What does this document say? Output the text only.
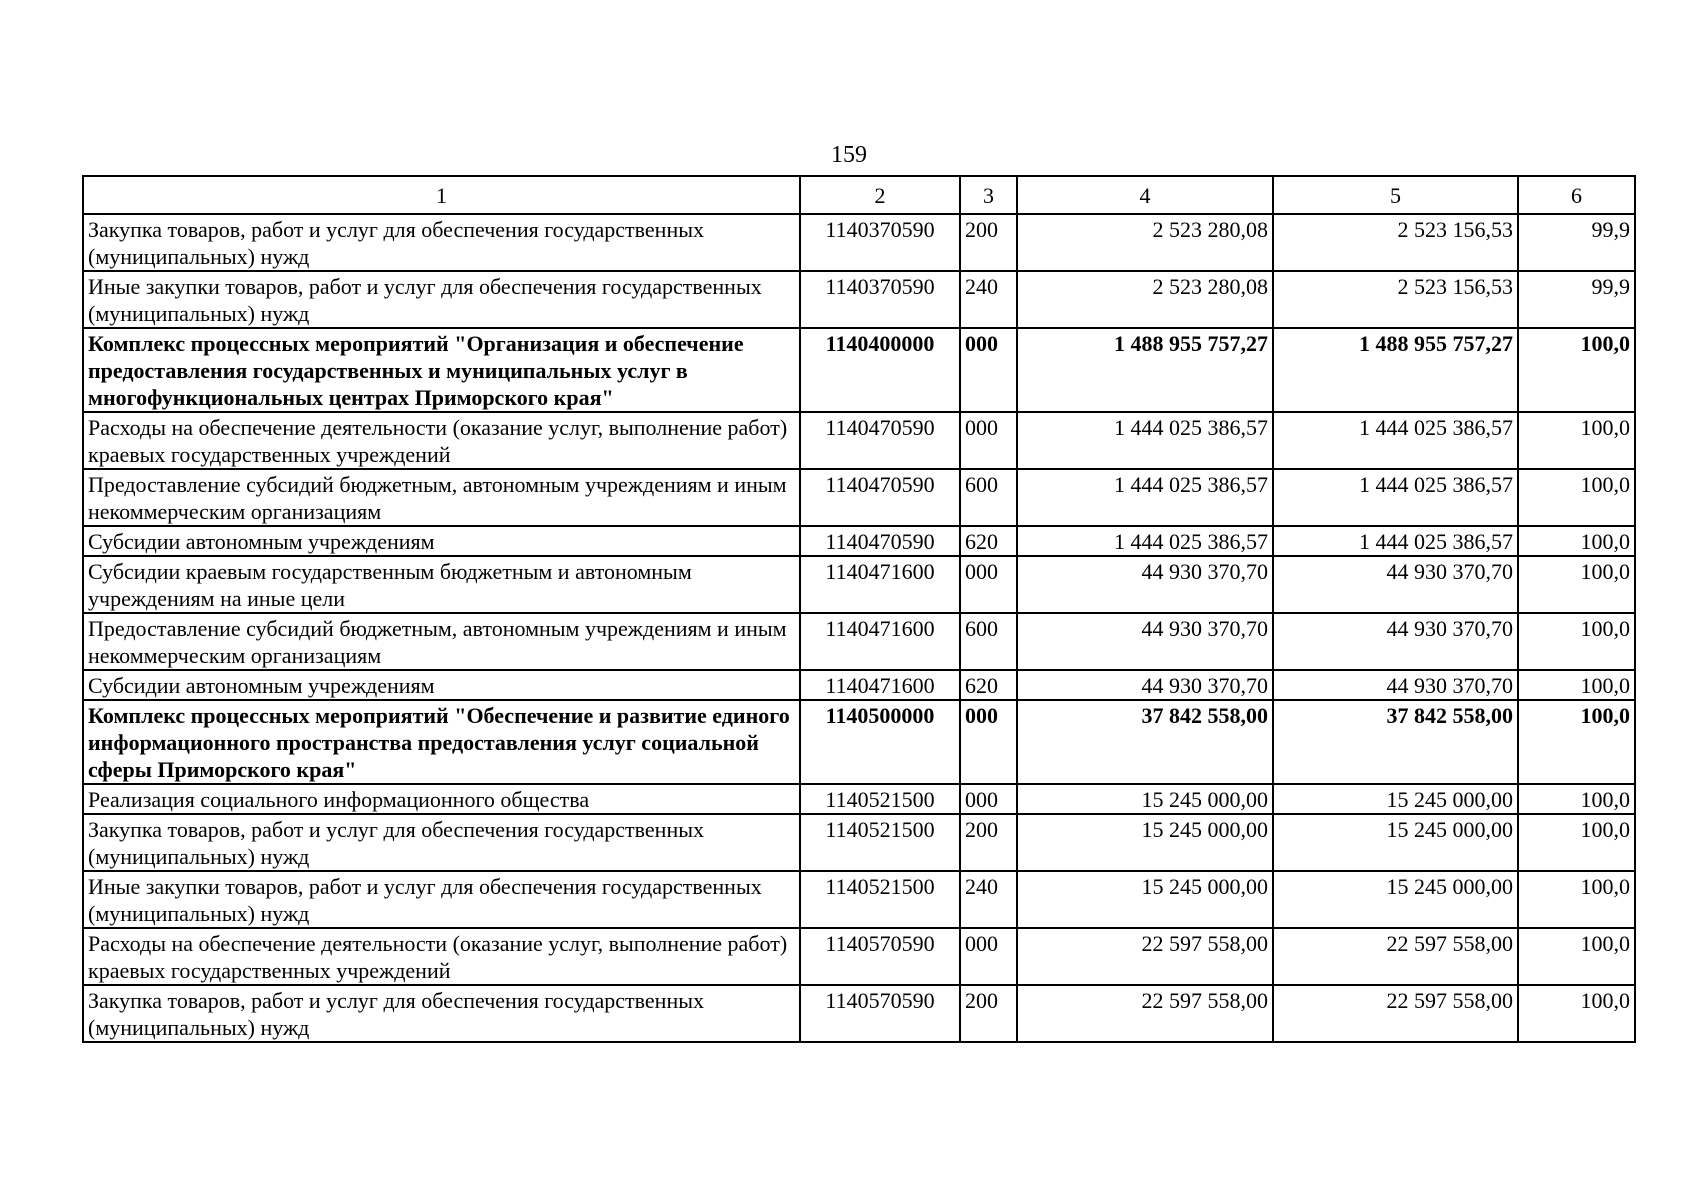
159
1	2	3	4	5	6
Закупка товаров, работ и услуг для обеспечения государственных (муниципальных) нужд	1140370590	200	2 523 280,08	2 523 156,53	99,9
Иные закупки товаров, работ и услуг для обеспечения государственных (муниципальных) нужд	1140370590	240	2 523 280,08	2 523 156,53	99,9
Комплекс процессных мероприятий "Организация и обеспечение предоставления государственных и муниципальных услуг в многофункциональных центрах Приморского края"	1140400000	000	1 488 955 757,27	1 488 955 757,27	100,0
Расходы на обеспечение деятельности (оказание услуг, выполнение работ) краевых государственных учреждений	1140470590	000	1 444 025 386,57	1 444 025 386,57	100,0
Предоставление субсидий бюджетным, автономным учреждениям и иным некоммерческим организациям	1140470590	600	1 444 025 386,57	1 444 025 386,57	100,0
Субсидии автономным учреждениям	1140470590	620	1 444 025 386,57	1 444 025 386,57	100,0
Субсидии краевым государственным бюджетным и автономным учреждениям на иные цели	1140471600	000	44 930 370,70	44 930 370,70	100,0
Предоставление субсидий бюджетным, автономным учреждениям и иным некоммерческим организациям	1140471600	600	44 930 370,70	44 930 370,70	100,0
Субсидии автономным учреждениям	1140471600	620	44 930 370,70	44 930 370,70	100,0
Комплекс процессных мероприятий "Обеспечение и развитие единого информационного пространства предоставления услуг социальной сферы Приморского края"	1140500000	000	37 842 558,00	37 842 558,00	100,0
Реализация социального информационного общества	1140521500	000	15 245 000,00	15 245 000,00	100,0
Закупка товаров, работ и услуг для обеспечения государственных (муниципальных) нужд	1140521500	200	15 245 000,00	15 245 000,00	100,0
Иные закупки товаров, работ и услуг для обеспечения государственных (муниципальных) нужд	1140521500	240	15 245 000,00	15 245 000,00	100,0
Расходы на обеспечение деятельности (оказание услуг, выполнение работ) краевых государственных учреждений	1140570590	000	22 597 558,00	22 597 558,00	100,0
Закупка товаров, работ и услуг для обеспечения государственных (муниципальных) нужд	1140570590	200	22 597 558,00	22 597 558,00	100,0
